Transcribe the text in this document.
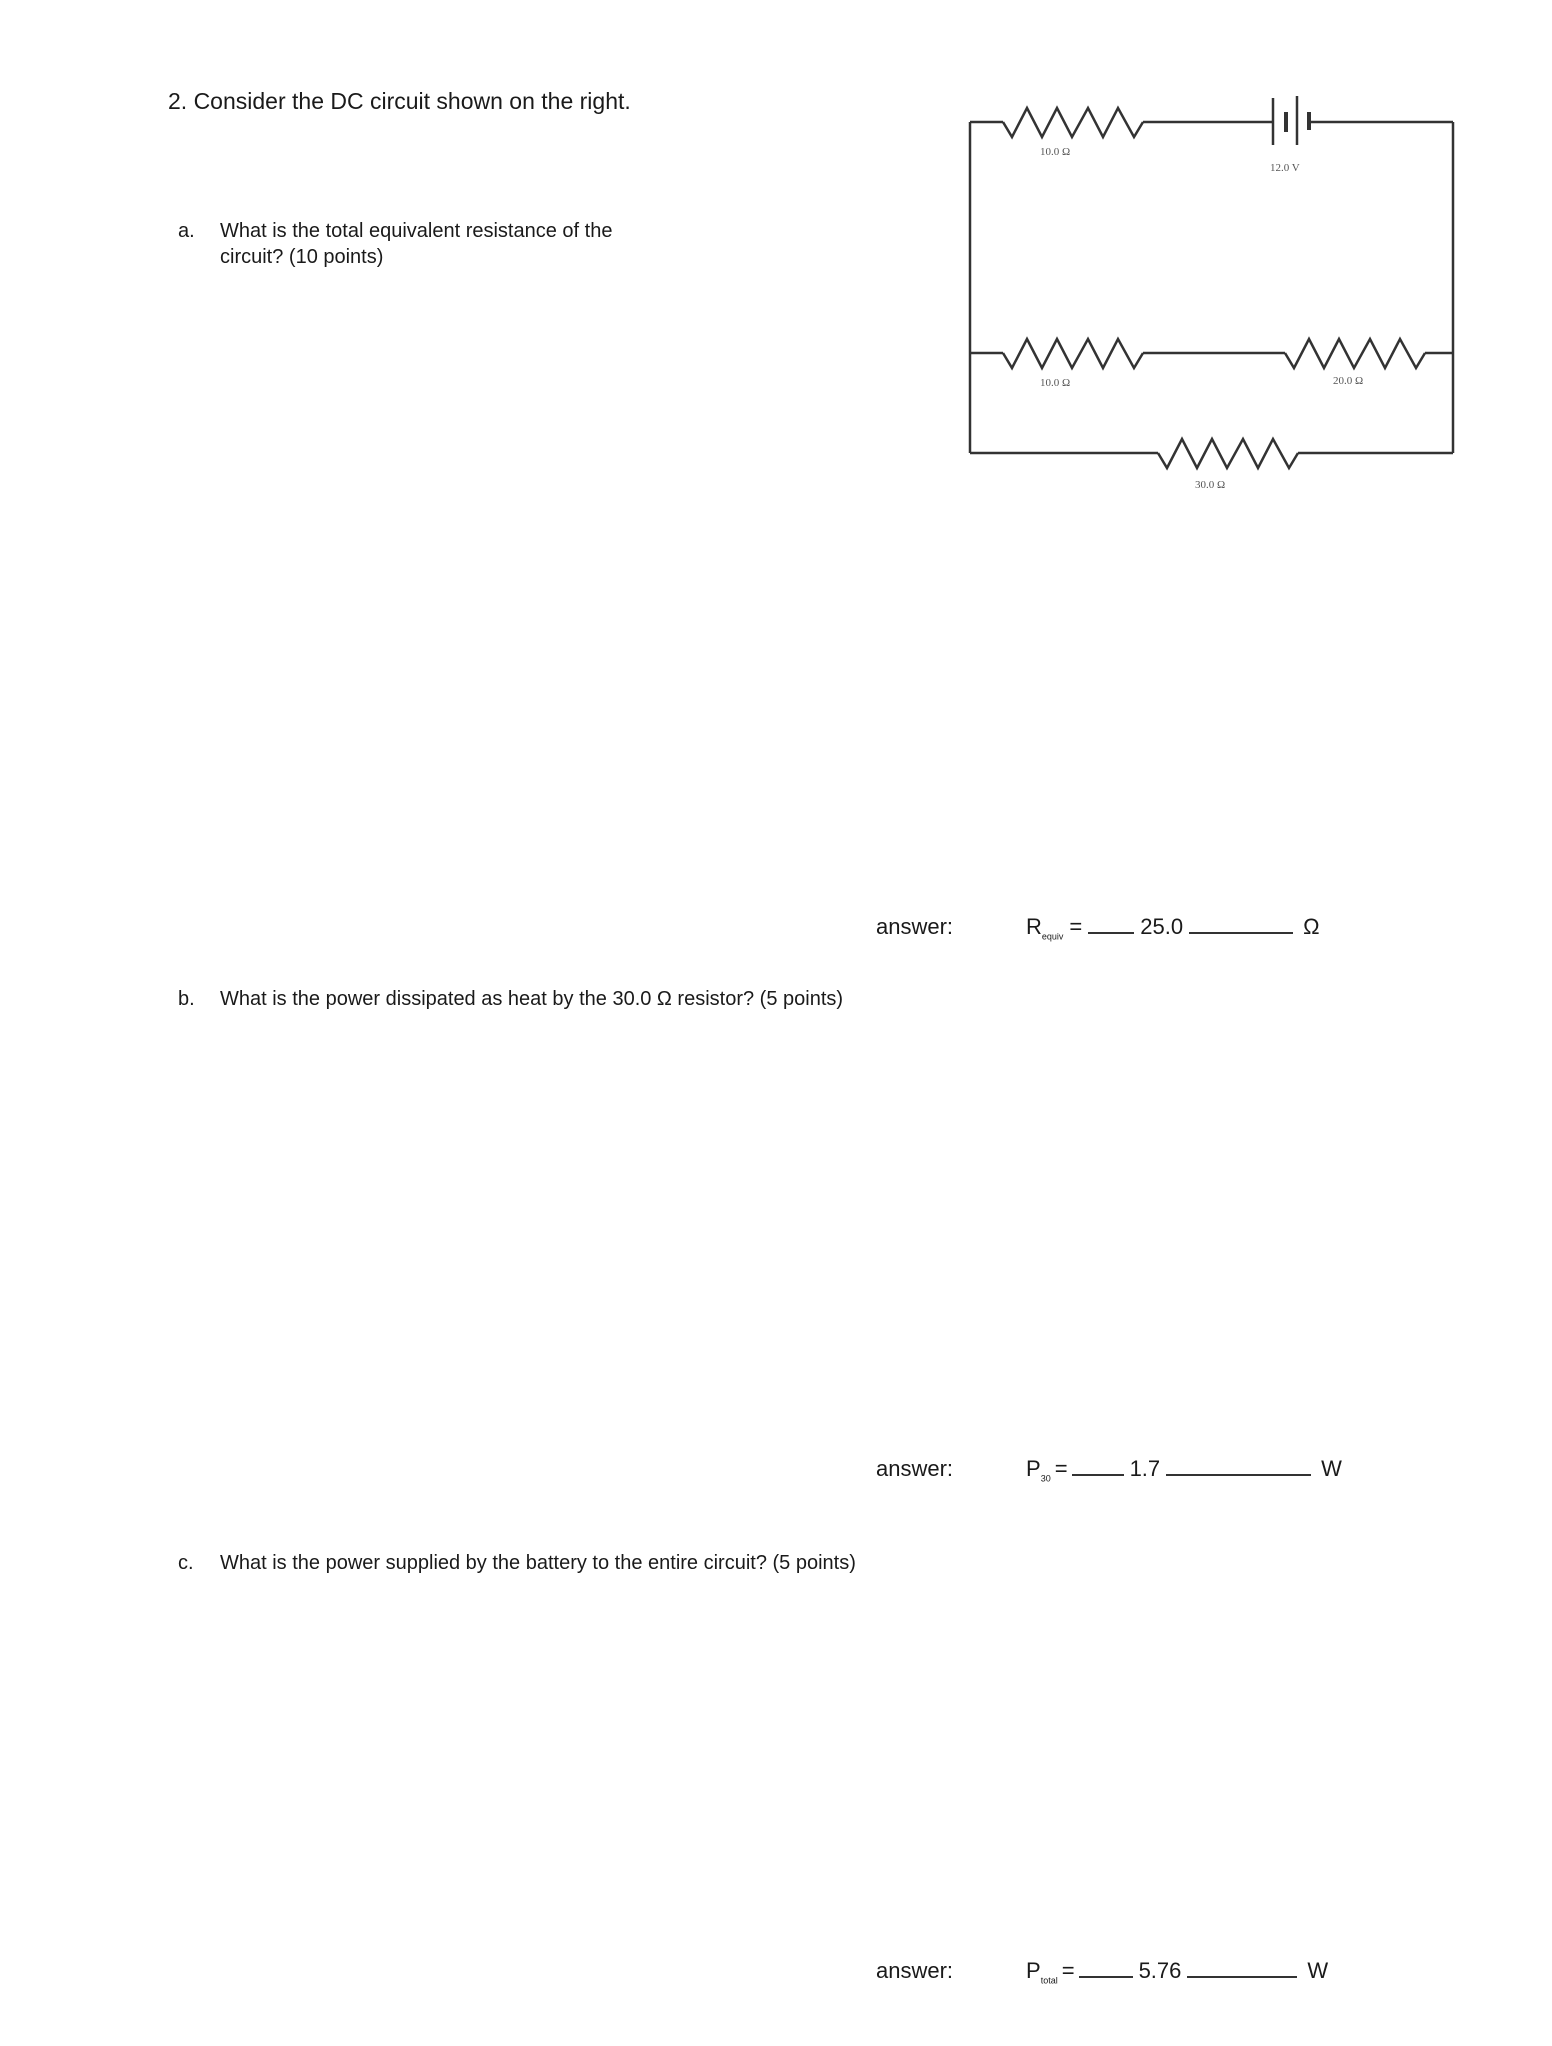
2. Consider the DC circuit shown on the right.
a. What is the total equivalent resistance of the
circuit? (10 points)
10.0 Ω
12.0 V
10.0 Ω	20.0 Ω
30.0 Ω
answer:	$R_{equiv}$ =	25.0	Ω
b. What is the power dissipated as heat by the 30.0 Ω resistor? (5 points)
answer:	$P_{30}$ =	1.7	W
c. What is the power supplied by the battery to the entire circuit? (5 points)
answer:	$P_{total}$ =	5.76	W
